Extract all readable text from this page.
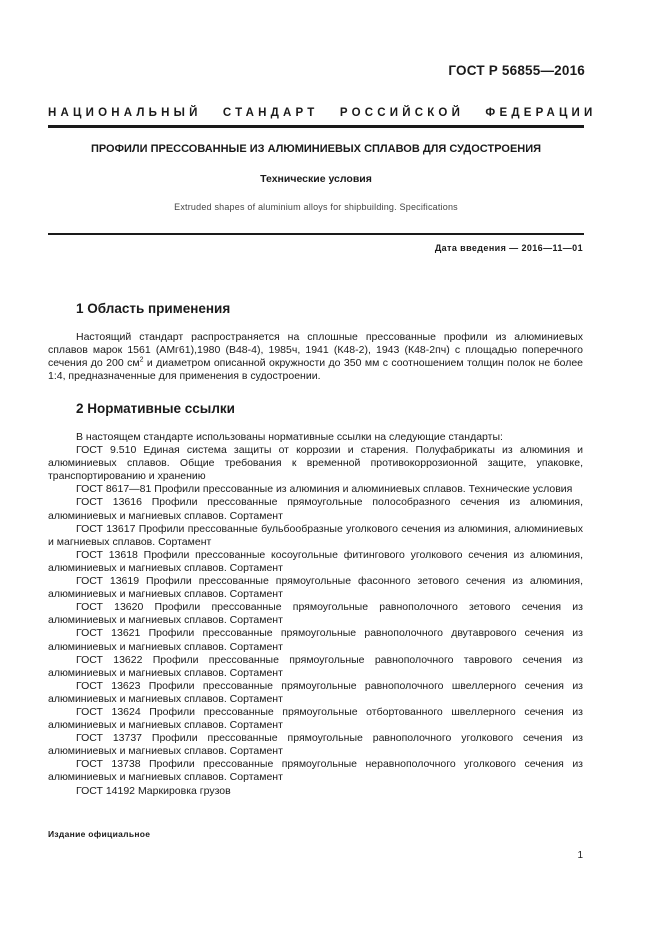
ГОСТ Р 56855—2016
НАЦИОНАЛЬНЫЙ СТАНДАРТ РОССИЙСКОЙ ФЕДЕРАЦИИ
ПРОФИЛИ ПРЕССОВАННЫЕ ИЗ АЛЮМИНИЕВЫХ СПЛАВОВ ДЛЯ СУДОСТРОЕНИЯ
Технические условия
Extruded shapes of aluminium alloys for shipbuilding. Specifications
Дата введения — 2016—11—01
1 Область применения

Настоящий стандарт распространяется на сплошные прессованные профили из алюминиевых сплавов марок 1561 (АМг61),1980 (В48-4), 1985ч, 1941 (К48-2), 1943 (К48-2пч) с площадью поперечного сечения до 200 $см^2$ и диаметром описанной окружности до 350 мм с соотношением толщин полок не более 1:4, предназначенные для применения в судостроении.

2 Нормативные ссылки

В настоящем стандарте использованы нормативные ссылки на следующие стандарты:

ГОСТ 9.510 Единая система защиты от коррозии и старения. Полуфабрикаты из алюминия и алюминиевых сплавов. Общие требования к временной противокоррозионной защите, упаковке, транспортированию и хранению

ГОСТ 8617—81 Профили прессованные из алюминия и алюминиевых сплавов. Технические условия

ГОСТ 13616 Профили прессованные прямоугольные полособразного сечения из алюминия, алюминиевых и магниевых сплавов. Сортамент

ГОСТ 13617 Профили прессованные бульбообразные уголкового сечения из алюминия, алюминиевых и магниевых сплавов. Сортамент

ГОСТ 13618 Профили прессованные косоугольные фитингового уголкового сечения из алюминия, алюминиевых и магниевых сплавов. Сортамент

ГОСТ 13619 Профили прессованные прямоугольные фасонного зетового сечения из алюминия, алюминиевых и магниевых сплавов. Сортамент

ГОСТ 13620 Профили прессованные прямоугольные равнополочного зетового сечения из алюминиевых и магниевых сплавов. Сортамент

ГОСТ 13621 Профили прессованные прямоугольные равнополочного двутаврового сечения из алюминиевых и магниевых сплавов. Сортамент

ГОСТ 13622 Профили прессованные прямоугольные равнополочного таврового сечения из алюминиевых и магниевых сплавов. Сортамент

ГОСТ 13623 Профили прессованные прямоугольные равнополочного швеллерного сечения из алюминиевых и магниевых сплавов. Сортамент

ГОСТ 13624 Профили прессованные прямоугольные отбортованного швеллерного сечения из алюминиевых и магниевых сплавов. Сортамент

ГОСТ 13737 Профили прессованные прямоугольные равнополочного уголкового сечения из алюминиевых и магниевых сплавов. Сортамент

ГОСТ 13738 Профили прессованные прямоугольные неравнополочного уголкового сечения из алюминиевых и магниевых сплавов. Сортамент

ГОСТ 14192 Маркировка грузов

Издание официальное
1
